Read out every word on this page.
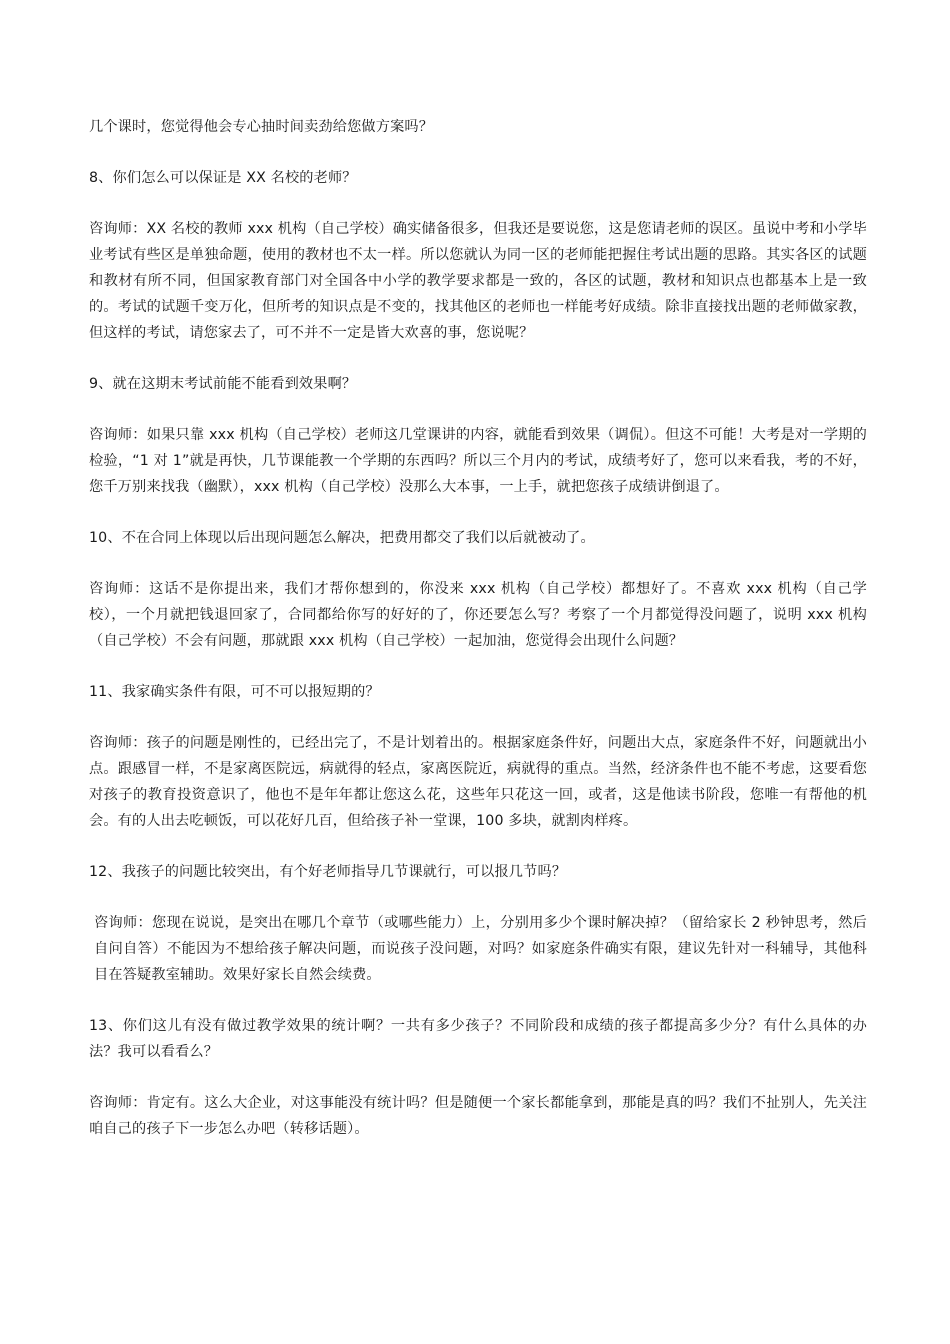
几个课时，您觉得他会专心抽时间卖劲给您做方案吗？

8、你们怎么可以保证是 XX 名校的老师？

咨询师：XX 名校的教师 xxx 机构（自己学校）确实储备很多，但我还是要说您，这是您请老师的误区。虽说中考和小学毕业考试有些区是单独命题，使用的教材也不太一样。所以您就认为同一区的老师能把握住考试出题的思路。其实各区的试题和教材有所不同，但国家教育部门对全国各中小学的教学要求都是一致的，各区的试题，教材和知识点也都基本上是一致的。考试的试题千变万化，但所考的知识点是不变的，找其他区的老师也一样能考好成绩。除非直接找出题的老师做家教，但这样的考试，请您家去了，可不并不一定是皆大欢喜的事，您说呢？

9、就在这期末考试前能不能看到效果啊？

咨询师：如果只靠 xxx 机构（自己学校）老师这几堂课讲的内容，就能看到效果（调侃）。但这不可能！大考是对一学期的检验，“1 对 1”就是再快，几节课能教一个学期的东西吗？所以三个月内的考试，成绩考好了，您可以来看我，考的不好，您千万别来找我（幽默），xxx 机构（自己学校）没那么大本事，一上手，就把您孩子成绩讲倒退了。

10、不在合同上体现以后出现问题怎么解决，把费用都交了我们以后就被动了。

咨询师：这话不是你提出来，我们才帮你想到的，你没来 xxx 机构（自己学校）都想好了。不喜欢 xxx 机构（自己学校），一个月就把钱退回家了，合同都给你写的好好的了，你还要怎么写？考察了一个月都觉得没问题了，说明 xxx 机构（自己学校）不会有问题，那就跟 xxx 机构（自己学校）一起加油，您觉得会出现什么问题？

11、我家确实条件有限，可不可以报短期的？

咨询师：孩子的问题是刚性的，已经出完了，不是计划着出的。根据家庭条件好，问题出大点，家庭条件不好，问题就出小点。跟感冒一样，不是家离医院远，病就得的轻点，家离医院近，病就得的重点。当然，经济条件也不能不考虑，这要看您对孩子的教育投资意识了，他也不是年年都让您这么花，这些年只花这一回，或者，这是他读书阶段，您唯一有帮他的机会。有的人出去吃顿饭，可以花好几百，但给孩子补一堂课，100 多块，就割肉样疼。

12、我孩子的问题比较突出，有个好老师指导几节课就行，可以报几节吗？

咨询师：您现在说说，是突出在哪几个章节（或哪些能力）上，分别用多少个课时解决掉？（留给家长 2 秒钟思考，然后自问自答）不能因为不想给孩子解决问题，而说孩子没问题，对吗？如家庭条件确实有限，建议先针对一科辅导，其他科目在答疑教室辅助。效果好家长自然会续费。

13、你们这儿有没有做过教学效果的统计啊？一共有多少孩子？不同阶段和成绩的孩子都提高多少分？有什么具体的办法？我可以看看么？

咨询师：肯定有。这么大企业，对这事能没有统计吗？但是随便一个家长都能拿到，那能是真的吗？我们不扯别人，先关注咱自己的孩子下一步怎么办吧（转移话题）。
